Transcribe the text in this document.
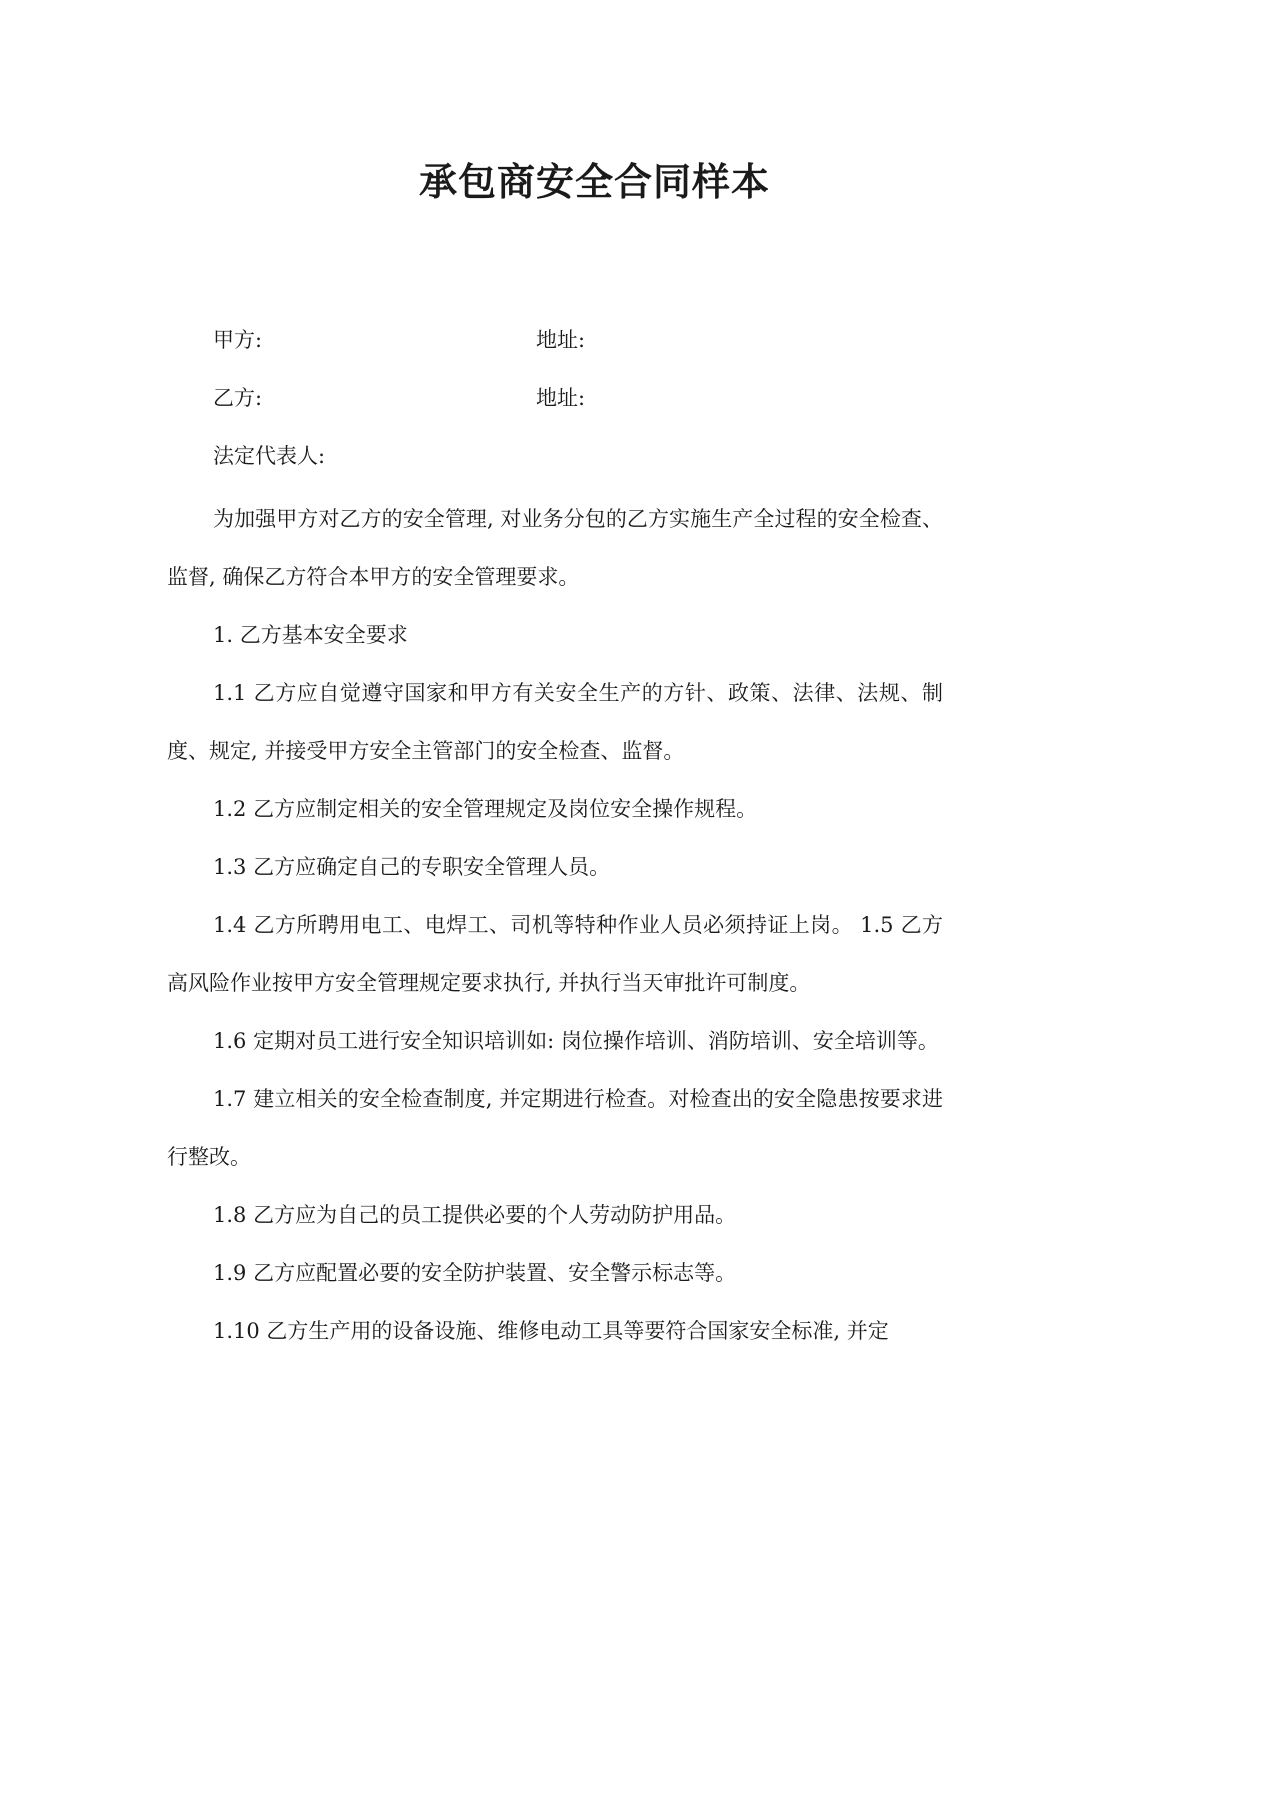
承包商安全合同样本
甲方:	地址:
乙方:	地址:
法定代表人:

为加强甲方对乙方的安全管理, 对业务分包的乙方实施生产全过程的安全检查、监督, 确保乙方符合本甲方的安全管理要求。

1. 乙方基本安全要求

1.1 乙方应自觉遵守国家和甲方有关安全生产的方针、政策、法律、法规、制度、规定, 并接受甲方安全主管部门的安全检查、监督。

1.2 乙方应制定相关的安全管理规定及岗位安全操作规程。

1.3 乙方应确定自己的专职安全管理人员。

1.4 乙方所聘用电工、电焊工、司机等特种作业人员必须持证上岗。 1.5 乙方高风险作业按甲方安全管理规定要求执行, 并执行当天审批许可制度。

1.6 定期对员工进行安全知识培训如: 岗位操作培训、消防培训、安全培训等。

1.7 建立相关的安全检查制度, 并定期进行检查。对检查出的安全隐患按要求进行整改。

1.8 乙方应为自己的员工提供必要的个人劳动防护用品。

1.9 乙方应配置必要的安全防护装置、安全警示标志等。

1.10 乙方生产用的设备设施、维修电动工具等要符合国家安全标准, 并定
